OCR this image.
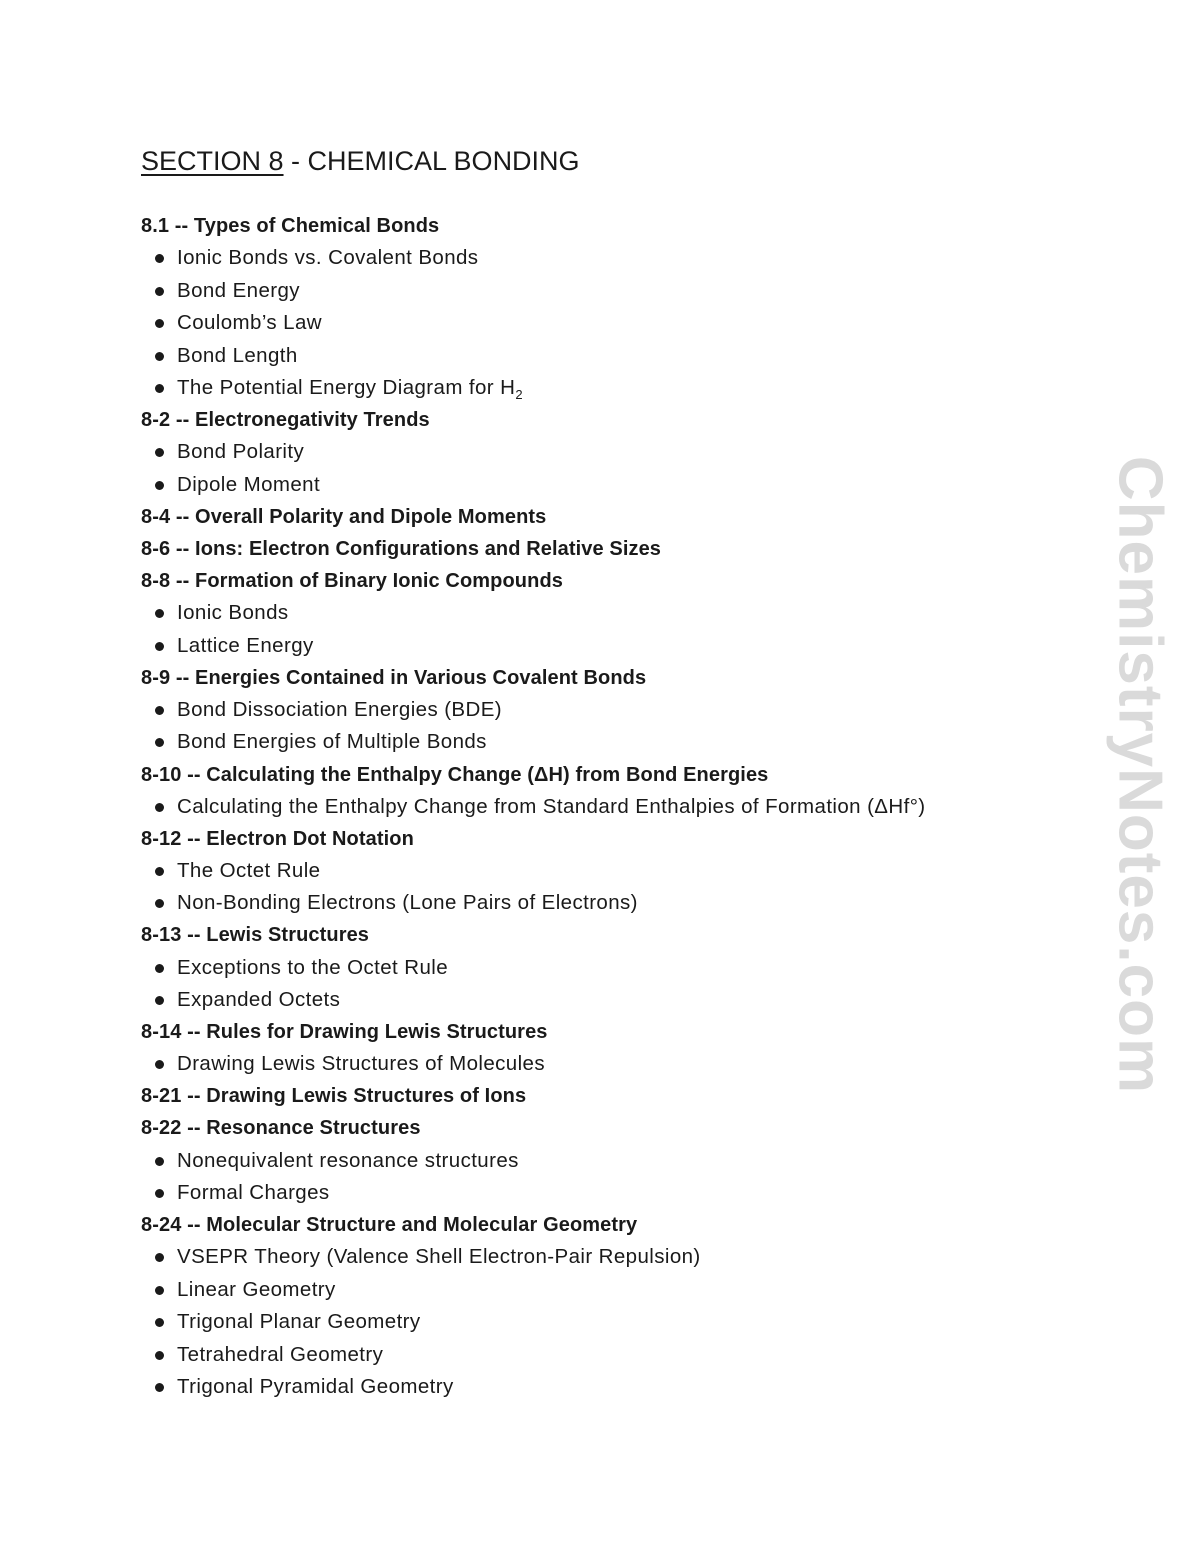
SECTION 8 - CHEMICAL BONDING
8.1 -- Types of Chemical Bonds
Ionic Bonds vs. Covalent Bonds
Bond Energy
Coulomb’s Law
Bond Length
The Potential Energy Diagram for $H_2$
8-2 -- Electronegativity Trends
Bond Polarity
Dipole Moment
8-4 -- Overall Polarity and Dipole Moments
8-6 -- Ions: Electron Configurations and Relative Sizes
8-8 -- Formation of Binary Ionic Compounds
Ionic Bonds
Lattice Energy
8-9 -- Energies Contained in Various Covalent Bonds
Bond Dissociation Energies (BDE)
Bond Energies of Multiple Bonds
8-10 -- Calculating the Enthalpy Change (ΔH) from Bond Energies
Calculating the Enthalpy Change from Standard Enthalpies of Formation (ΔHf°)
8-12 -- Electron Dot Notation
The Octet Rule
Non-Bonding Electrons (Lone Pairs of Electrons)
8-13 -- Lewis Structures
Exceptions to the Octet Rule
Expanded Octets
8-14 -- Rules for Drawing Lewis Structures
Drawing Lewis Structures of Molecules
8-21 -- Drawing Lewis Structures of Ions
8-22 -- Resonance Structures
Nonequivalent resonance structures
Formal Charges
8-24 -- Molecular Structure and Molecular Geometry
VSEPR Theory (Valence Shell Electron-Pair Repulsion)
Linear Geometry
Trigonal Planar Geometry
Tetrahedral Geometry
Trigonal Pyramidal Geometry
ChemistryNotes.com
